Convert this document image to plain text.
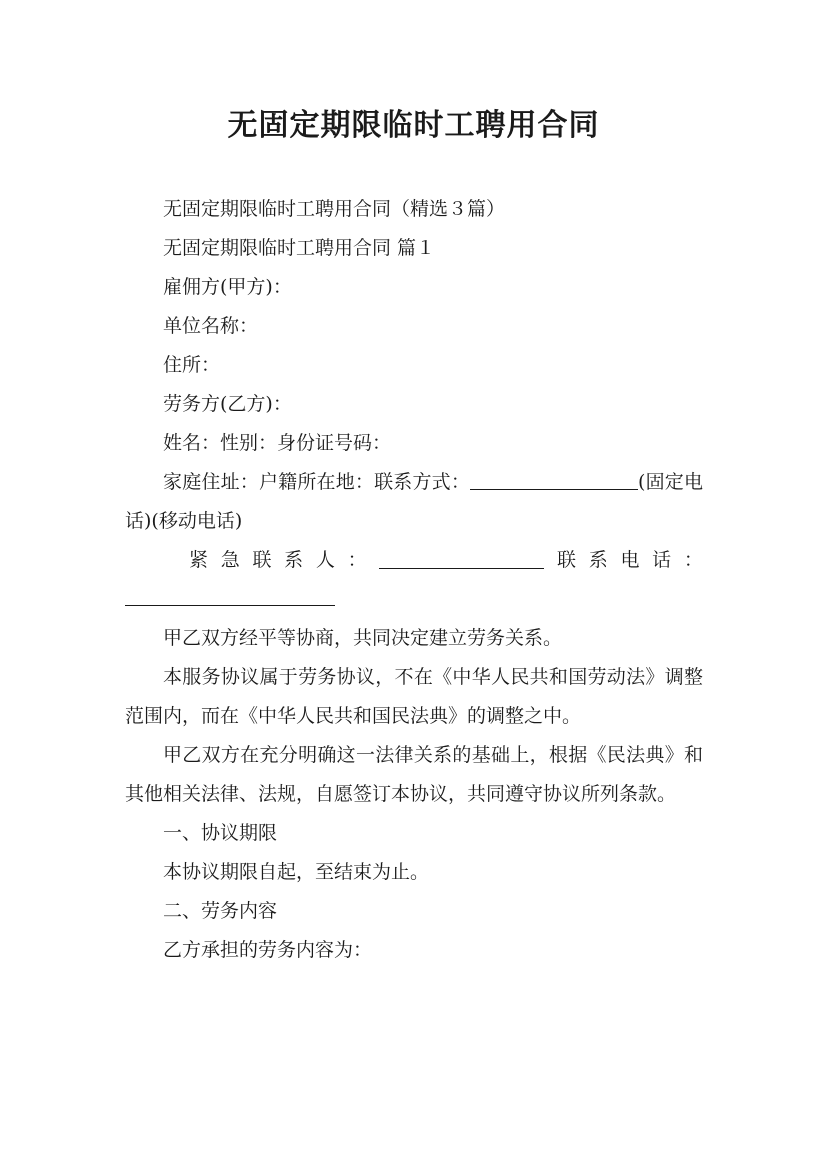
无固定期限临时工聘用合同

无固定期限临时工聘用合同（精选３篇）

无固定期限临时工聘用合同 篇１

雇佣方(甲方)：

单位名称：

住所：

劳务方(乙方)：

姓名：性别：身份证号码：

家庭住址：户籍所在地：联系方式：	(固定电话)(移动电话)

紧 急 联 系 人 ：	联 系 电 话 ：

甲乙双方经平等协商，共同决定建立劳务关系。

本服务协议属于劳务协议，不在《中华人民共和国劳动法》调整范围内，而在《中华人民共和国民法典》的调整之中。

甲乙双方在充分明确这一法律关系的基础上，根据《民法典》和其他相关法律、法规，自愿签订本协议，共同遵守协议所列条款。

一、协议期限

本协议期限自起，至结束为止。

二、劳务内容

乙方承担的劳务内容为：
